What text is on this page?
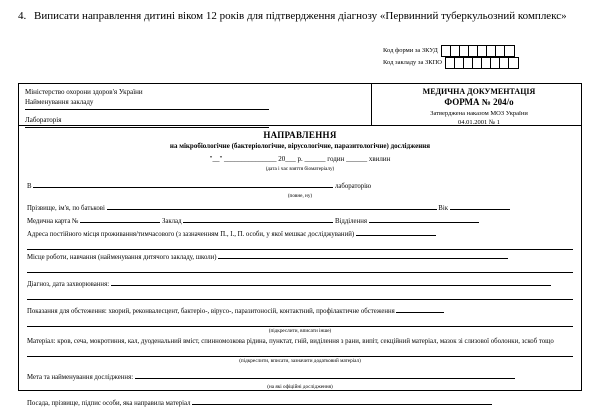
4. Виписати направлення дитині віком 12 років для підтвердження діагнозу «Первинний туберкульозний комплекс»
Код форми за ЗКУД
Код закладу за ЗКПО
Міністерство охорони здоров'я України
Найменування закладу
Лабораторія
МЕДИЧНА ДОКУМЕНТАЦІЯ
ФОРМА № 204/о
Затверджена наказом МОЗ України
04.01.2001 № 1
НАПРАВЛЕННЯ
на мікробіологічне (бактеріологічне, вірусологічне, паразитологічне) дослідження
"__" _______________ 20___ р. ______ годин ______ хвилин
(дата і час взяття біоматеріалу)
В	лабораторію
(повне, ну)
Прізвище, ім'я, по батькові	Вік
Медична карта №	Заклад	Відділення
Адреса постійного місця проживання/тимчасового (з зазначенням П., І., П. особи, у якої мешкає досліджуваний)
Місце роботи, навчання (найменування дитячого закладу, школи)
Діагноз, дата захворювання:
Показання для обстеження: хворий, реконвалесцент, бактеріо-, вірусо-, паразитоносій, контактний, профілактичне обстеження
(підкреслити, вписати інше)
Матеріал: кров, сеча, мокротиння, кал, дуоденальний вміст, спинномозкова рідина, пунктат, гній, виділення з рани, випіт, секційний матеріал, мазок зі слизової оболонки, зскоб тощо
(підкреслити, вписати, зазначити додатковий матеріал)
Мета та найменування дослідження:
(на які офіційні дослідження)
Посада, прізвище, підпис особи, яка направила матеріал
